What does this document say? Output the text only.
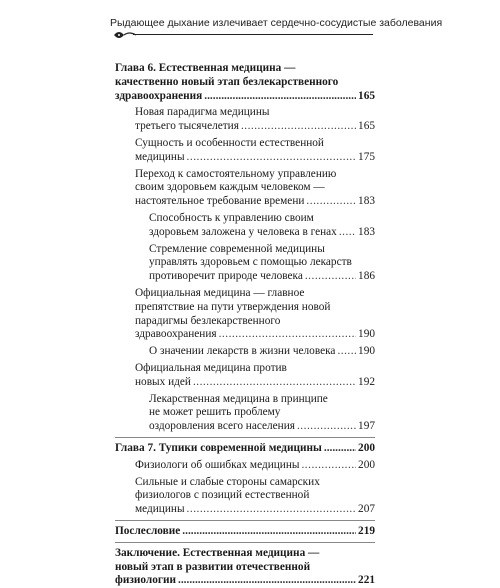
Рыдающее дыхание излечивает сердечно-сосудистые заболевания
Глава 6. Естественная медицина —
качественно новый этап безлекарственного
здравоохранения .....	165
Новая парадигма медицины
третьего тысячелетия .....	165
Сущность и особенности естественной
медицины .....	175
Переход к самостоятельному управлению
своим здоровьем каждым человеком —
настоятельное требование времени .....	183
Способность к управлению своим
здоровьем заложена у человека в генах ..... 183
Стремление современной медицины
управлять здоровьем с помощью лекарств
противоречит природе человека .....	186
Официальная медицина — главное
препятствие на пути утверждения новой
парадигмы безлекарственного
здравоохранения .....	190
О значении лекарств в жизни человека ..... 190
Официальная медицина против
новых идей .....	192
Лекарственная медицина в принципе
не может решить проблему
оздоровления всего населения .....	197
Глава 7. Тупики современной медицины .....	200
Физиологи об ошибках медицины .....	200
Сильные и слабые стороны самарских
физиологов с позиций естественной
медицины .....	207
Послесловие .....	219
Заключение. Естественная медицина —
новый этап в развитии отечественной
физиологии .....	221
